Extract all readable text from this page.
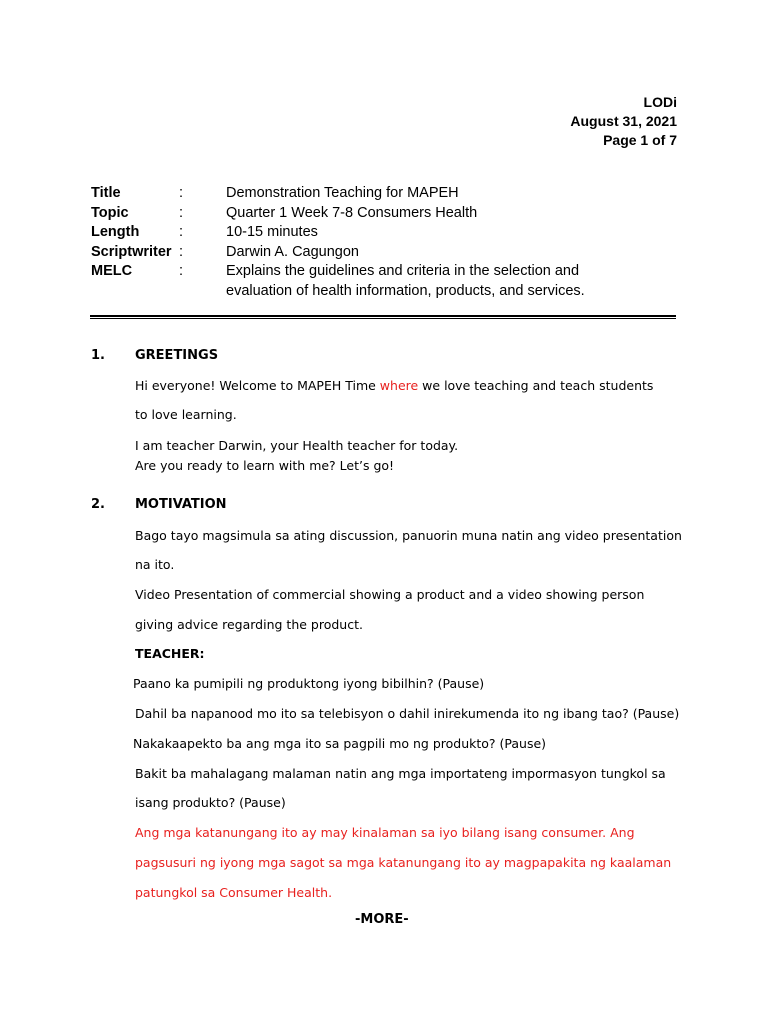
LODi
August 31, 2021
Page 1 of 7
Title	:	Demonstration Teaching for MAPEH
Topic	:	Quarter 1 Week 7-8 Consumers Health
Length	:	10-15 minutes
Scriptwriter :	Darwin A. Cagungon
MELC	:	Explains the guidelines and criteria in the selection and evaluation of health information, products, and services.
1. GREETINGS
Hi everyone! Welcome to MAPEH Time where we love teaching and teach students
to love learning.
I am teacher Darwin, your Health teacher for today.
Are you ready to learn with me? Let’s go!
2. MOTIVATION
Bago tayo magsimula sa ating discussion, panuorin muna natin ang video presentation
na ito.
Video Presentation of commercial showing a product and a video showing person
giving advice regarding the product.
TEACHER:
Paano ka pumipili ng produktong iyong bibilhin? (Pause)
Dahil ba napanood mo ito sa telebisyon o dahil inirekumenda ito ng ibang tao? (Pause)
Nakakaapekto ba ang mga ito sa pagpili mo ng produkto? (Pause)
Bakit ba mahalagang malaman natin ang mga importateng impormasyon tungkol sa
isang produkto? (Pause)
Ang mga katanungang ito ay may kinalaman sa iyo bilang isang consumer. Ang
pagsusuri ng iyong mga sagot sa mga katanungang ito ay magpapakita ng kaalaman
patungkol sa Consumer Health.
-MORE-
